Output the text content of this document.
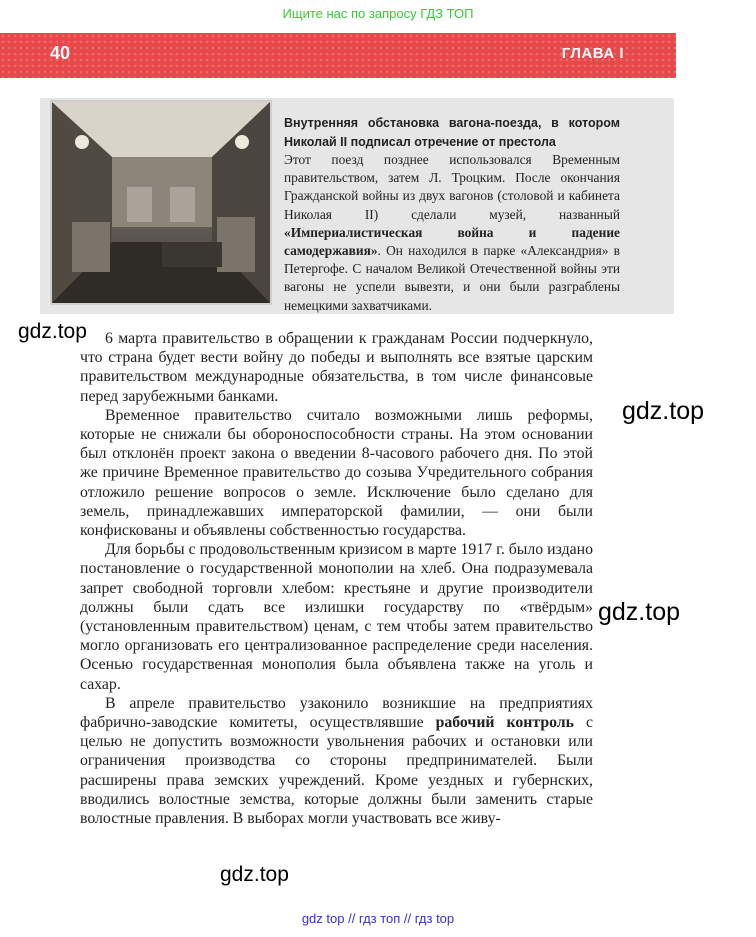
Ищите нас по запросу ГДЗ ТОП
40	ГЛАВА I
Внутренняя обстановка вагона-поезда, в котором Николай II подписал отречение от престола
Этот поезд позднее использовался Временным правительством, затем Л. Троцким. После окончания Гражданской войны из двух вагонов (столовой и кабинета Николая II) сделали музей, названный «Империалистическая война и падение самодержавия». Он находился в парке «Александрия» в Петергофе. С началом Великой Отечественной войны эти вагоны не успели вывезти, и они были разграблены немецкими захватчиками.

6 марта правительство в обращении к гражданам России подчеркнуло, что страна будет вести войну до победы и выполнять все взятые царским правительством международные обязательства, в том числе финансовые перед зарубежными банками.

Временное правительство считало возможными лишь реформы, которые не снижали бы обороноспособности страны. На этом основании был отклонён проект закона о введении 8-часового рабочего дня. По этой же причине Временное правительство до созыва Учредительного собрания отложило решение вопросов о земле. Исключение было сделано для земель, принадлежавших императорской фамилии, — они были конфискованы и объявлены собственностью государства.

Для борьбы с продовольственным кризисом в марте 1917 г. было издано постановление о государственной монополии на хлеб. Она подразумевала запрет свободной торговли хлебом: крестьяне и другие производители должны были сдать все излишки государству по «твёрдым» (установленным правительством) ценам, с тем чтобы затем правительство могло организовать его централизованное распределение среди населения. Осенью государственная монополия была объявлена также на уголь и сахар.

В апреле правительство узаконило возникшие на предприятиях фабрично-заводские комитеты, осуществлявшие рабочий контроль с целью не допустить возможности увольнения рабочих и остановки или ограничения производства со стороны предпринимателей. Были расширены права земских учреждений. Кроме уездных и губернских, вводились волостные земства, которые должны были заменить старые волостные правления. В выборах могли участвовать все живу-

gdz.top
gdz.top
gdz.top
gdz.top
gdz top // гдз топ // гдз top
